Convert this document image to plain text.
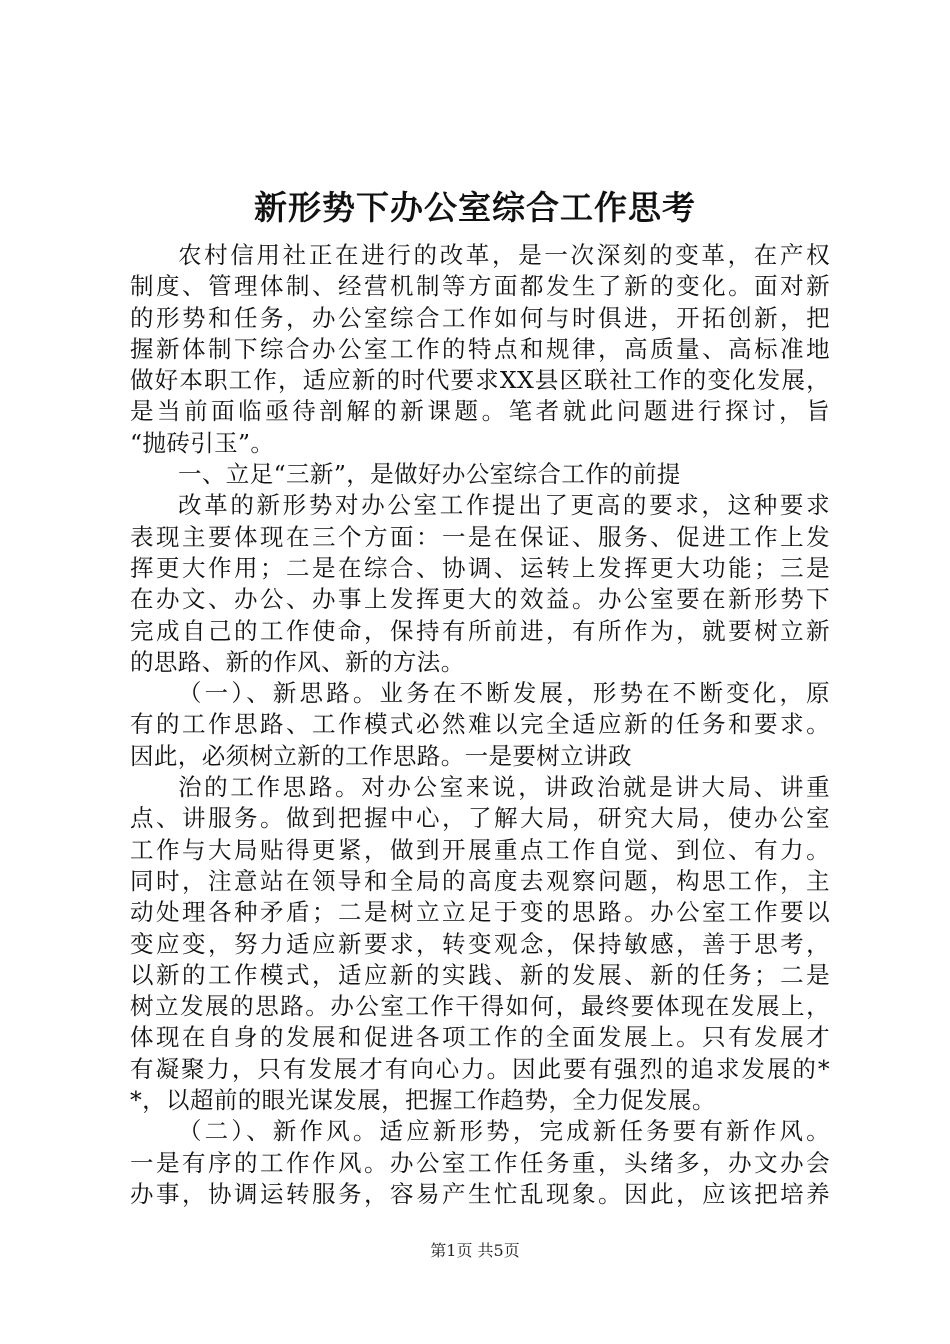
新形势下办公室综合工作思考
农村信用社正在进行的改革，是一次深刻的变革，在产权
制度、管理体制、经营机制等方面都发生了新的变化。面对新
的形势和任务，办公室综合工作如何与时俱进，开拓创新，把
握新体制下综合办公室工作的特点和规律，高质量、高标准地
做好本职工作，适应新的时代要求XX县区联社工作的变化发展，
是当前面临亟待剖解的新课题。笔者就此问题进行探讨，旨
“抛砖引玉”。
一、立足“三新”，是做好办公室综合工作的前提
改革的新形势对办公室工作提出了更高的要求，这种要求
表现主要体现在三个方面：一是在保证、服务、促进工作上发
挥更大作用；二是在综合、协调、运转上发挥更大功能；三是
在办文、办公、办事上发挥更大的效益。办公室要在新形势下
完成自己的工作使命，保持有所前进，有所作为，就要树立新
的思路、新的作风、新的方法。
（一）、新思路。业务在不断发展，形势在不断变化，原
有的工作思路、工作模式必然难以完全适应新的任务和要求。
因此，必须树立新的工作思路。一是要树立讲政
治的工作思路。对办公室来说，讲政治就是讲大局、讲重
点、讲服务。做到把握中心，了解大局，研究大局，使办公室
工作与大局贴得更紧，做到开展重点工作自觉、到位、有力。
同时，注意站在领导和全局的高度去观察问题，构思工作，主
动处理各种矛盾；二是树立立足于变的思路。办公室工作要以
变应变，努力适应新要求，转变观念，保持敏感，善于思考，
以新的工作模式，适应新的实践、新的发展、新的任务；二是
树立发展的思路。办公室工作干得如何，最终要体现在发展上，
体现在自身的发展和促进各项工作的全面发展上。只有发展才
有凝聚力，只有发展才有向心力。因此要有强烈的追求发展的*
*，以超前的眼光谋发展，把握工作趋势，全力促发展。
（二）、新作风。适应新形势，完成新任务要有新作风。
一是有序的工作作风。办公室工作任务重，头绪多，办文办会
办事，协调运转服务，容易产生忙乱现象。因此，应该把培养
第1页 共5页
